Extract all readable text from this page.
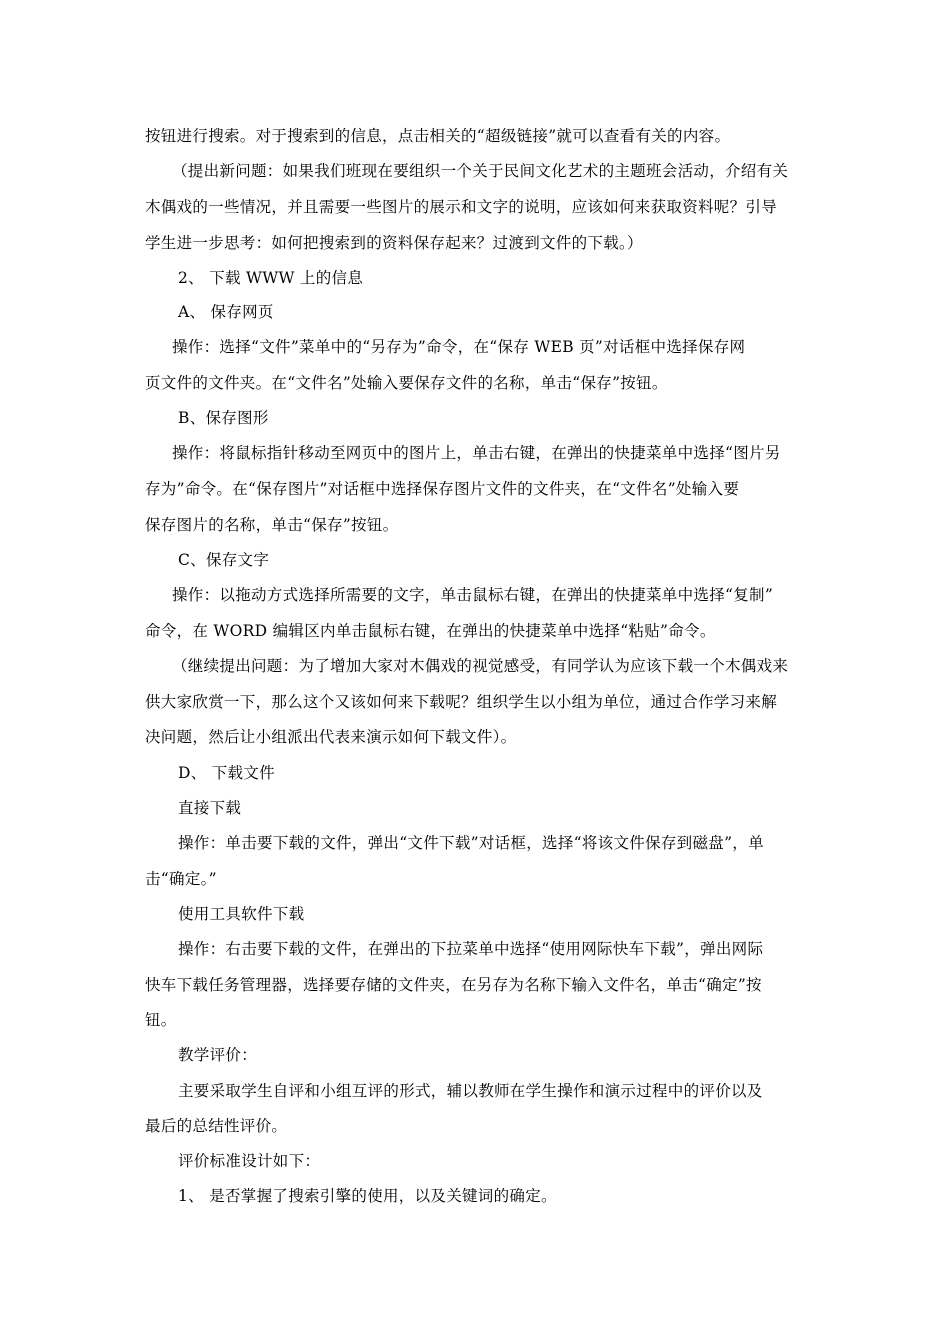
按钮进行搜索。对于搜索到的信息，点击相关的“超级链接”就可以查看有关的内容。
（提出新问题：如果我们班现在要组织一个关于民间文化艺术的主题班会活动，介绍有关
木偶戏的一些情况，并且需要一些图片的展示和文字的说明，应该如何来获取资料呢？引导
学生进一步思考：如何把搜索到的资料保存起来？过渡到文件的下载。）
2、 下载 WWW 上的信息
A、 保存网页
操作：选择“文件”菜单中的“另存为”命令，在“保存 WEB 页”对话框中选择保存网
页文件的文件夹。在“文件名”处输入要保存文件的名称，单击“保存”按钮。
B、保存图形
操作：将鼠标指针移动至网页中的图片上，单击右键，在弹出的快捷菜单中选择“图片另
存为”命令。在“保存图片”对话框中选择保存图片文件的文件夹，在“文件名”处输入要
保存图片的名称，单击“保存”按钮。
C、保存文字
操作：以拖动方式选择所需要的文字，单击鼠标右键，在弹出的快捷菜单中选择“复制”
命令，在 WORD 编辑区内单击鼠标右键，在弹出的快捷菜单中选择“粘贴”命令。
（继续提出问题：为了增加大家对木偶戏的视觉感受，有同学认为应该下载一个木偶戏来
供大家欣赏一下，那么这个又该如何来下载呢？组织学生以小组为单位，通过合作学习来解
决问题，然后让小组派出代表来演示如何下载文件）。
D、 下载文件
直接下载
操作：单击要下载的文件，弹出“文件下载”对话框，选择“将该文件保存到磁盘”，单
击“确定。”
使用工具软件下载
操作：右击要下载的文件，在弹出的下拉菜单中选择“使用网际快车下载”，弹出网际
快车下载任务管理器，选择要存储的文件夹，在另存为名称下输入文件名，单击“确定”按
钮。
教学评价：
主要采取学生自评和小组互评的形式，辅以教师在学生操作和演示过程中的评价以及
最后的总结性评价。
评价标准设计如下：
1、 是否掌握了搜索引擎的使用，以及关键词的确定。
